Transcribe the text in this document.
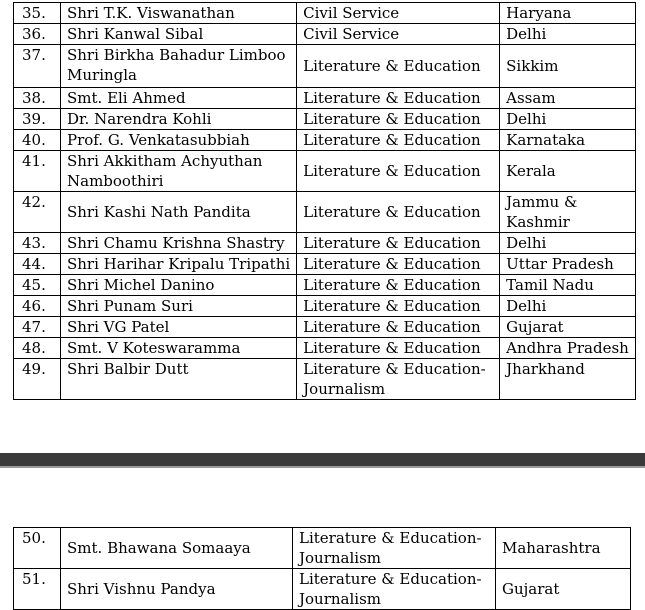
35.	Shri T.K. Viswanathan	Civil Service	Haryana
36.	Shri Kanwal Sibal	Civil Service	Delhi
37.	Shri Birkha Bahadur Limboo
Muringla	Literature & Education	Sikkim
38.	Smt. Eli Ahmed	Literature & Education	Assam
39.	Dr. Narendra Kohli	Literature & Education	Delhi
40.	Prof. G. Venkatasubbiah	Literature & Education	Karnataka
41.	Shri Akkitham Achyuthan
Namboothiri	Literature & Education	Kerala
42.	Shri Kashi Nath Pandita	Literature & Education	Jammu &
Kashmir
43.	Shri Chamu Krishna Shastry	Literature & Education	Delhi
44.	Shri Harihar Kripalu Tripathi	Literature & Education	Uttar Pradesh
45.	Shri Michel Danino	Literature & Education	Tamil Nadu
46.	Shri Punam Suri	Literature & Education	Delhi
47.	Shri VG Patel	Literature & Education	Gujarat
48.	Smt. V Koteswaramma	Literature & Education	Andhra Pradesh
49.	Shri Balbir Dutt	Literature & Education-
Journalism	Jharkhand
50.	Smt. Bhawana Somaaya	Literature & Education-
Journalism	Maharashtra
51.	Shri Vishnu Pandya	Literature & Education-
Journalism	Gujarat
